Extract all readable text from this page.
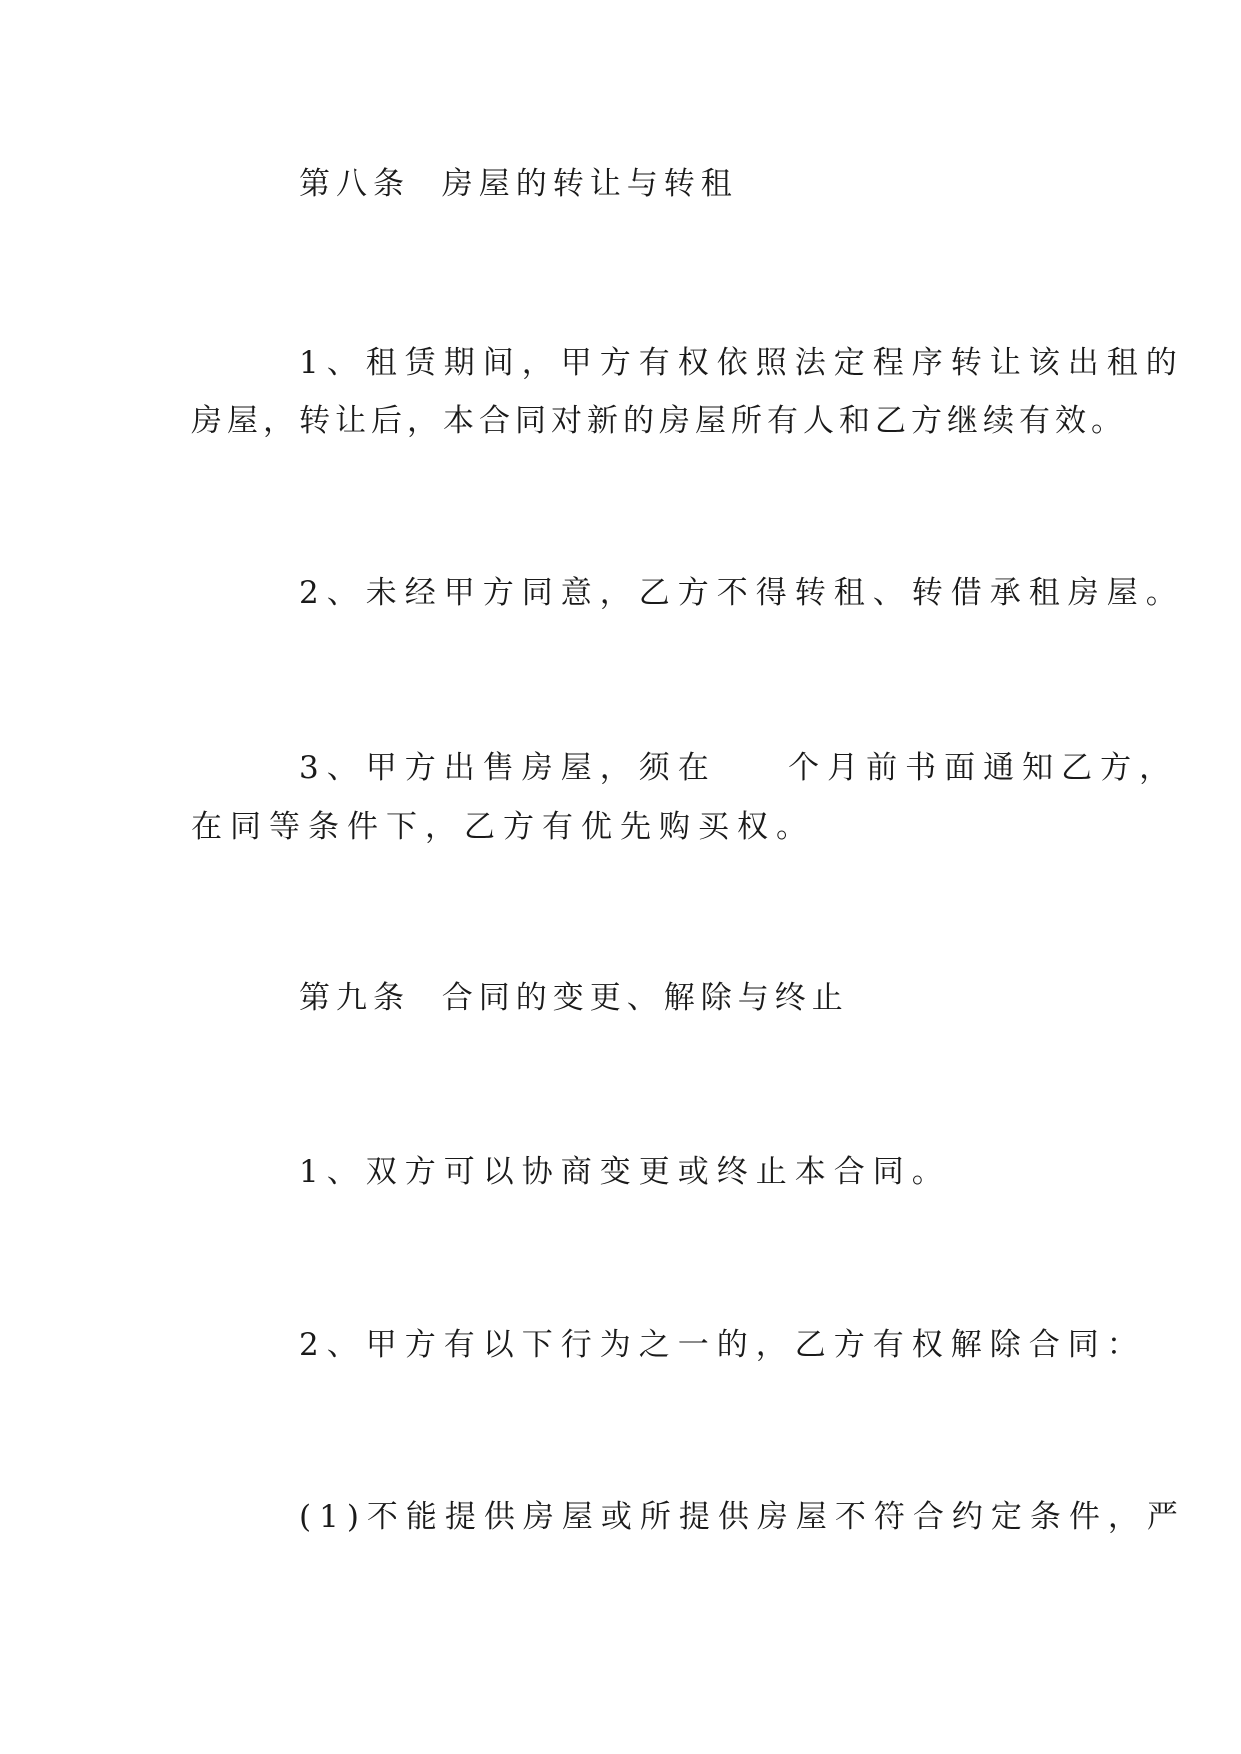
第八条  房屋的转让与转租
1、租赁期间，甲方有权依照法定程序转让该出租的
房屋，转让后，本合同对新的房屋所有人和乙方继续有效。
2、未经甲方同意，乙方不得转租、转借承租房屋。
3、甲方出售房屋，须在    个月前书面通知乙方，
在同等条件下，乙方有优先购买权。
第九条  合同的变更、解除与终止
1、双方可以协商变更或终止本合同。
2、甲方有以下行为之一的，乙方有权解除合同：
(1)不能提供房屋或所提供房屋不符合约定条件，严
